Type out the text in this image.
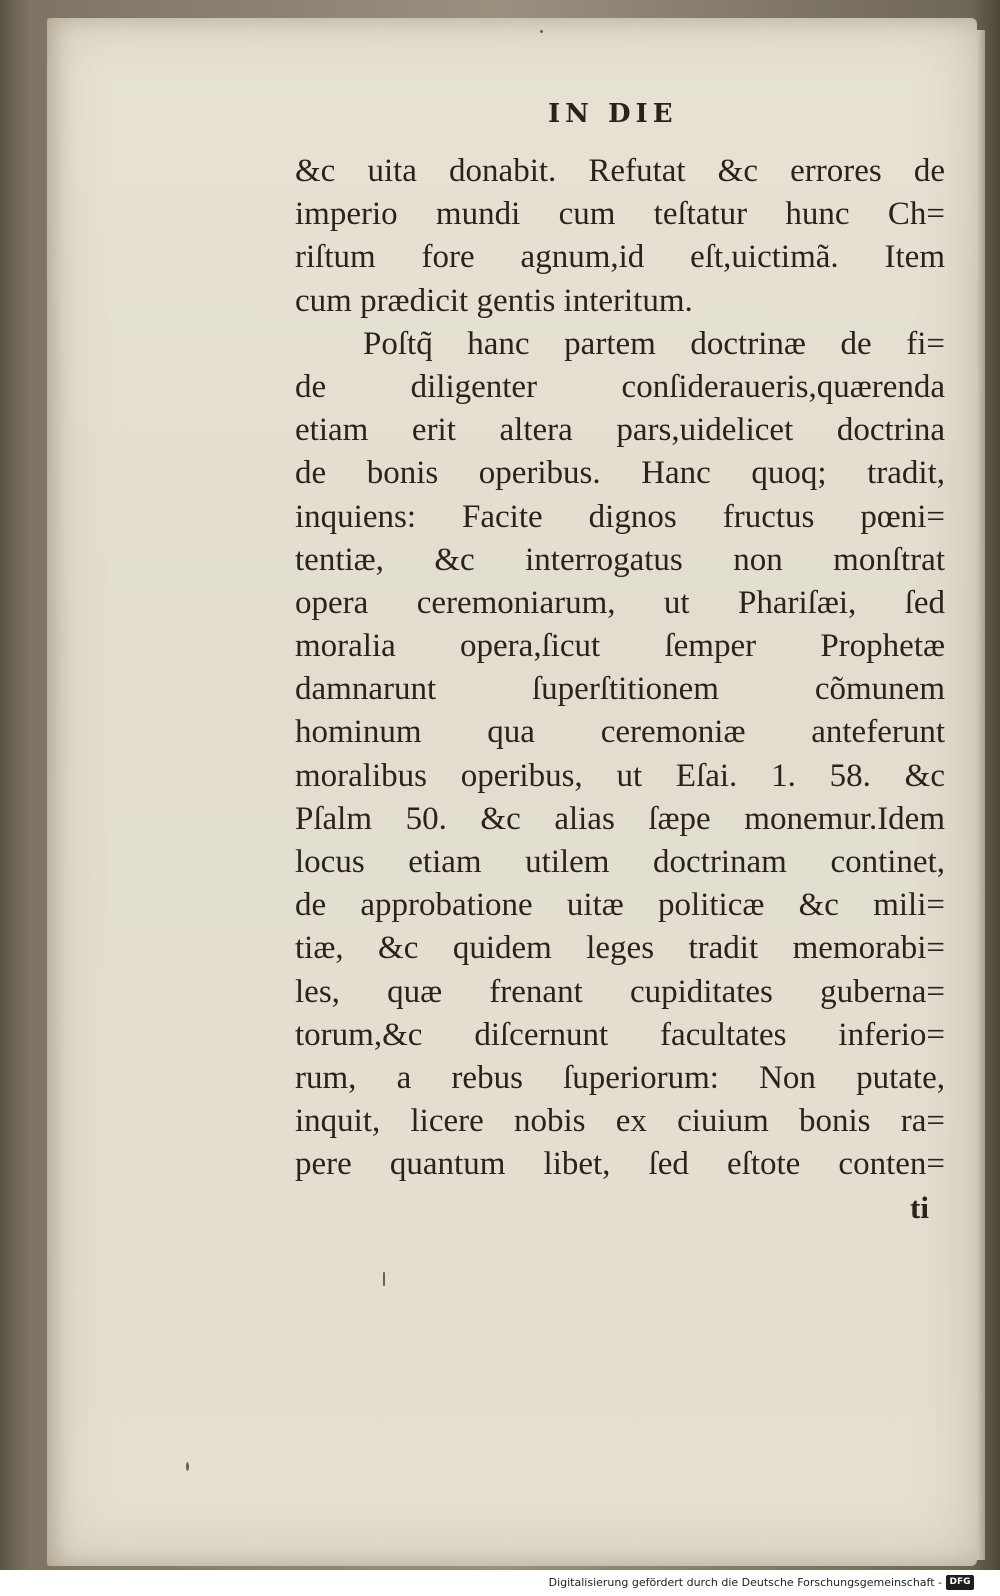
IN DIE
&c uita donabit. Refutat &c errores de
imperio mundi cum teſtatur hunc Ch=
riſtum fore agnum,id eſt,uictimã. Item
cum prædicit gentis interitum.
Poſtq̃ hanc partem doctrinæ de fi=
de diligenter conſideraueris,quærenda
etiam erit altera pars,uidelicet doctrina
de bonis operibus. Hanc quoq; tradit,
inquiens: Facite dignos fructus pœni=
tentiæ, &c interrogatus non monſtrat
opera ceremoniarum, ut Phariſæi, ſed
moralia opera,ſicut ſemper Prophetæ
damnarunt ſuperſtitionem cõmunem
hominum qua ceremoniæ anteferunt
moralibus operibus, ut Eſai. 1. 58. &c
Pſalm 50. &c alias ſæpe monemur.Idem
locus etiam utilem doctrinam continet,
de approbatione uitæ politicæ &c mili=
tiæ, &c quidem leges tradit memorabi=
les, quæ frenant cupiditates guberna=
torum,&c diſcernunt facultates inferio=
rum, a rebus ſuperiorum: Non putate,
inquit, licere nobis ex ciuium bonis ra=
pere quantum libet, ſed eſtote conten=
ti
Digitalisierung gefördert durch die Deutsche Forschungsgemeinschaft - DFG
